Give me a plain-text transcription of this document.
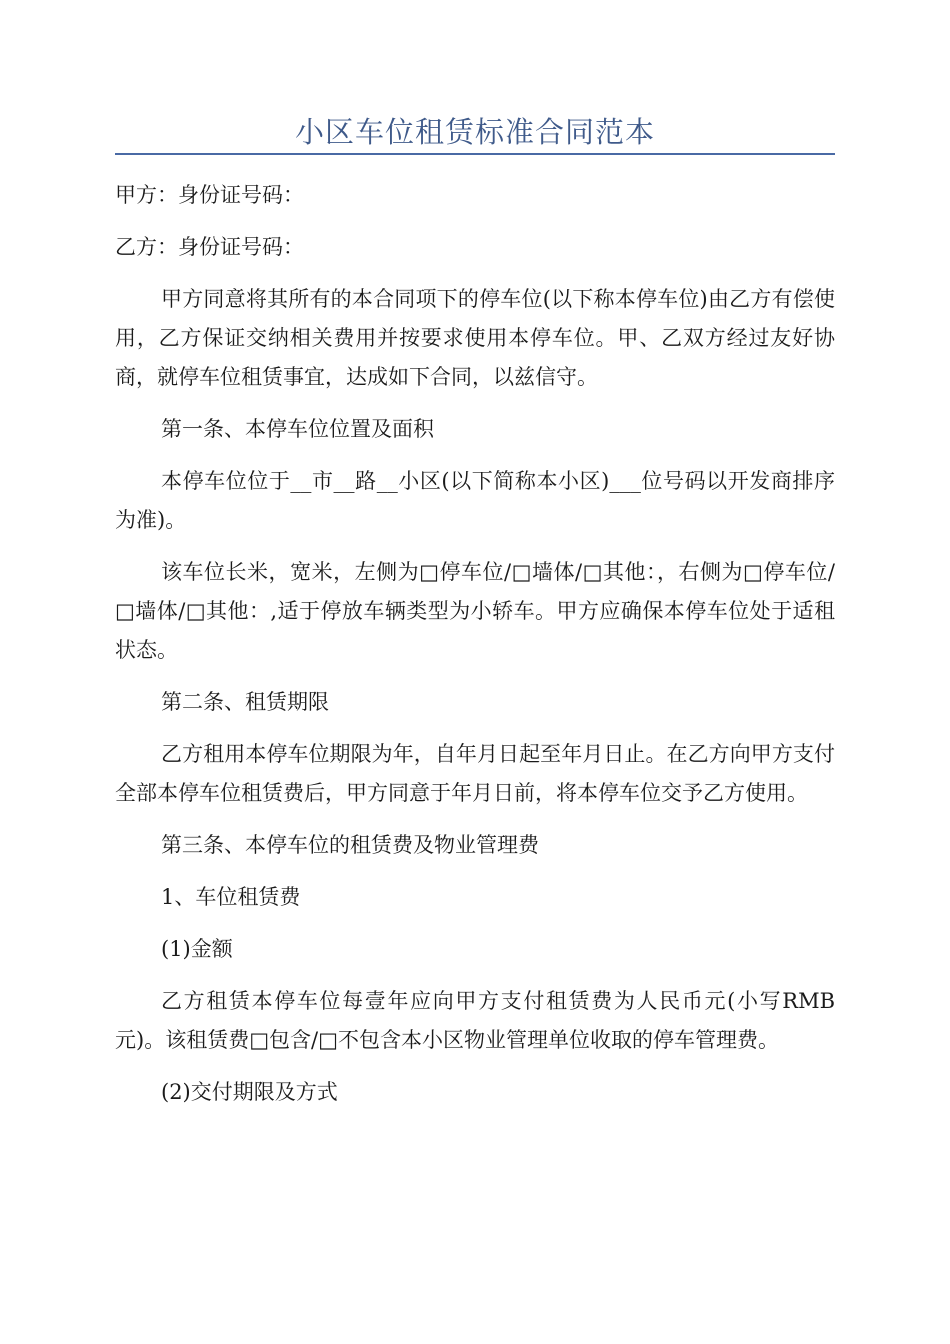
小区车位租赁标准合同范本

甲方：身份证号码：

乙方：身份证号码：

甲方同意将其所有的本合同项下的停车位(以下称本停车位)由乙方有偿使用，乙方保证交纳相关费用并按要求使用本停车位。甲、乙双方经过友好协商，就停车位租赁事宜，达成如下合同，以兹信守。

第一条、本停车位位置及面积

本停车位位于__市__路__小区(以下简称本小区)___位号码以开发商排序为准)。

该车位长米，宽米，左侧为□停车位/□墙体/□其他：，右侧为□停车位/□墙体/□其他：,适于停放车辆类型为小轿车。甲方应确保本停车位处于适租状态。

第二条、租赁期限

乙方租用本停车位期限为年，自年月日起至年月日止。在乙方向甲方支付全部本停车位租赁费后，甲方同意于年月日前，将本停车位交予乙方使用。

第三条、本停车位的租赁费及物业管理费

1、车位租赁费

(1)金额

乙方租赁本停车位每壹年应向甲方支付租赁费为人民币元(小写RMB元)。该租赁费□包含/□不包含本小区物业管理单位收取的停车管理费。

(2)交付期限及方式
